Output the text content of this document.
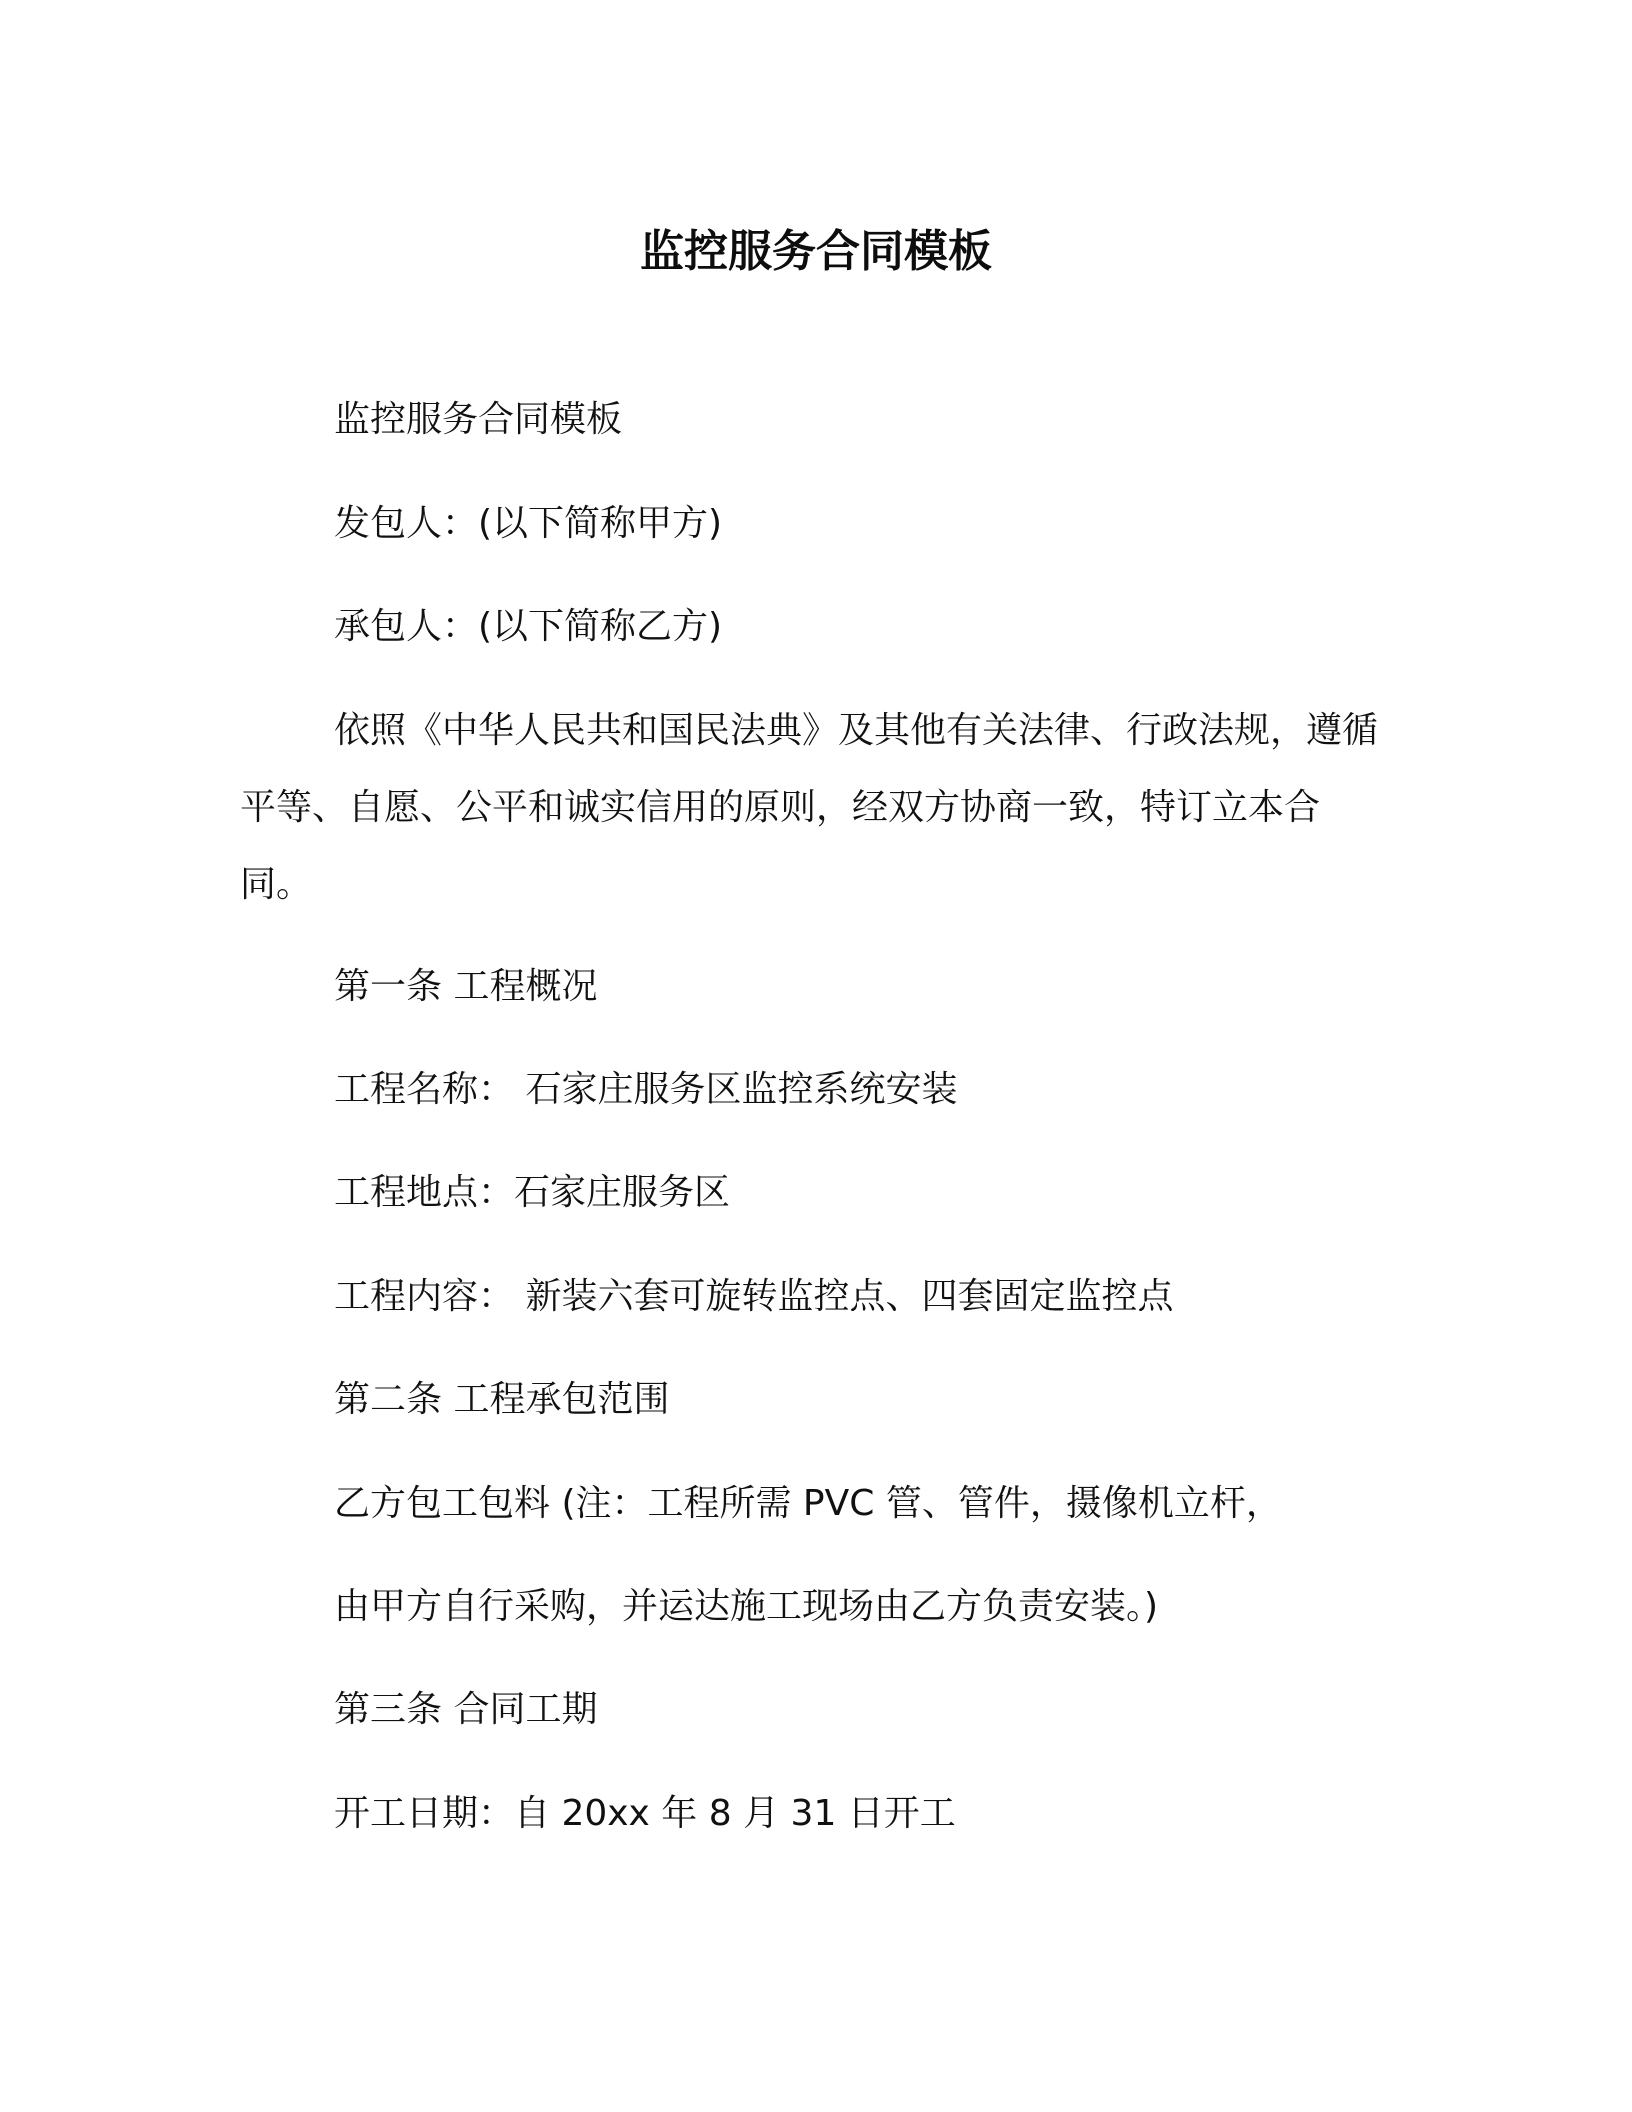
监控服务合同模板

监控服务合同模板

发包人：(以下简称甲方)

承包人：(以下简称乙方)

依照《中华人民共和国民法典》及其他有关法律、行政法规，遵循平等、自愿、公平和诚实信用的原则，经双方协商一致，特订立本合同。

第一条 工程概况

工程名称： 石家庄服务区监控系统安装

工程地点：石家庄服务区

工程内容： 新装六套可旋转监控点、四套固定监控点

第二条 工程承包范围

乙方包工包料 (注：工程所需 PVC 管、管件，摄像机立杆，

由甲方自行采购，并运达施工现场由乙方负责安装。)

第三条 合同工期

开工日期：自 20xx 年 8 月 31 日开工
